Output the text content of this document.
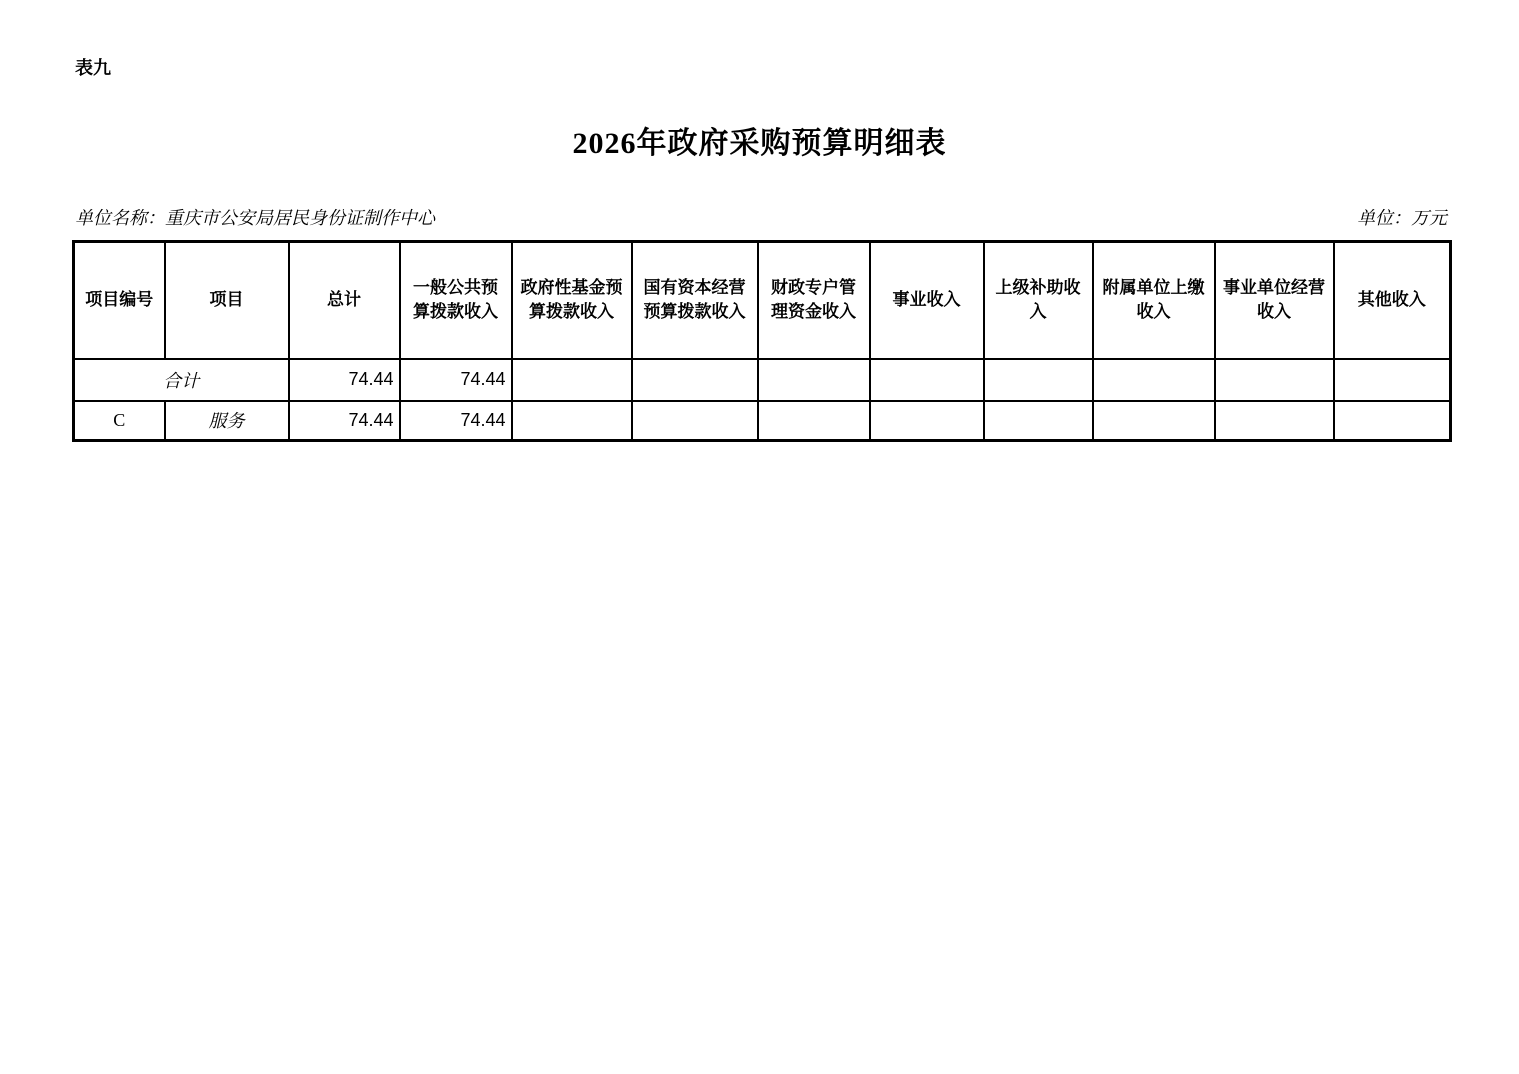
表九
2026年政府采购预算明细表
单位名称：重庆市公安局居民身份证制作中心	单位：万元
项目编号	项目	总计	一般公共预算拨款收入	政府性基金预算拨款收入	国有资本经营预算拨款收入	财政专户管理资金收入	事业收入	上级补助收入	附属单位上缴收入	事业单位经营收入	其他收入
合计		74.44	74.44								
C	服务	74.44	74.44								
